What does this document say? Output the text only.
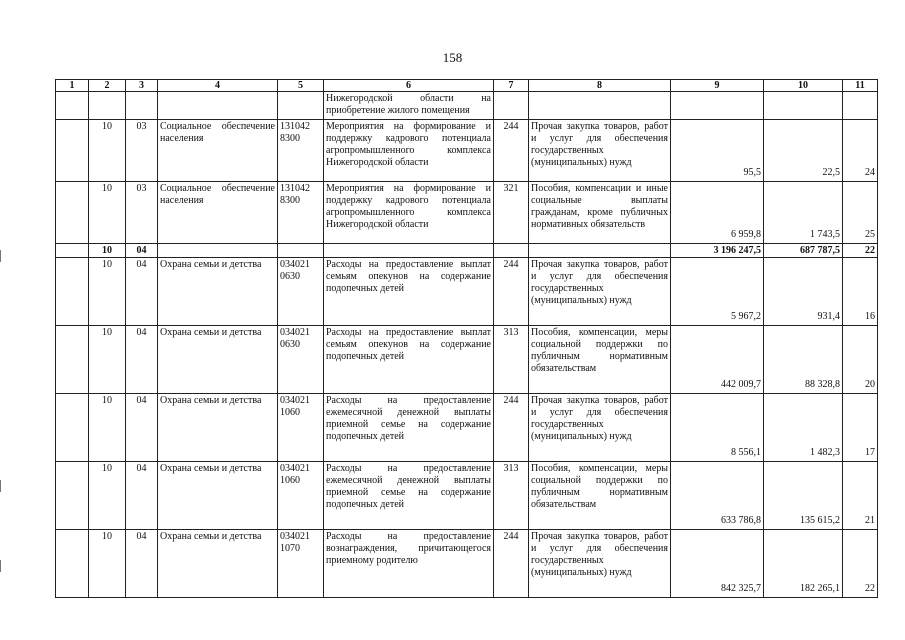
158
1	2	3	4	5	6	7	8	9	10	11
					Нижегородской области на приобретение жилого помещения					
	10	03	Социальное обеспечение населения	131042 8300	Мероприятия на формирование и поддержку кадрового потенциала агропромышленного комплекса Нижегородской области	244	Прочая закупка товаров, работ и услуг для обеспечения государственных (муниципальных) нужд	95,5	22,5	24
	10	03	Социальное обеспечение населения	131042 8300	Мероприятия на формирование и поддержку кадрового потенциала агропромышленного комплекса Нижегородской области	321	Пособия, компенсации и иные социальные выплаты гражданам, кроме публичных нормативных обязательств	6 959,8	1 743,5	25
	10	04						3 196 247,5	687 787,5	22
	10	04	Охрана семьи и детства	034021 0630	Расходы на предоставление выплат семьям опекунов на содержание подопечных детей	244	Прочая закупка товаров, работ и услуг для обеспечения государственных (муниципальных) нужд	5 967,2	931,4	16
	10	04	Охрана семьи и детства	034021 0630	Расходы на предоставление выплат семьям опекунов на содержание подопечных детей	313	Пособия, компенсации, меры социальной поддержки по публичным нормативным обязательствам	442 009,7	88 328,8	20
	10	04	Охрана семьи и детства	034021 1060	Расходы на предоставление ежемесячной денежной выплаты приемной семье на содержание подопечных детей	244	Прочая закупка товаров, работ и услуг для обеспечения государственных (муниципальных) нужд	8 556,1	1 482,3	17
	10	04	Охрана семьи и детства	034021 1060	Расходы на предоставление ежемесячной денежной выплаты приемной семье на содержание подопечных детей	313	Пособия, компенсации, меры социальной поддержки по публичным нормативным обязательствам	633 786,8	135 615,2	21
	10	04	Охрана семьи и детства	034021 1070	Расходы на предоставление вознаграждения, причитающегося приемному родителю	244	Прочая закупка товаров, работ и услуг для обеспечения государственных (муниципальных) нужд	842 325,7	182 265,1	22
